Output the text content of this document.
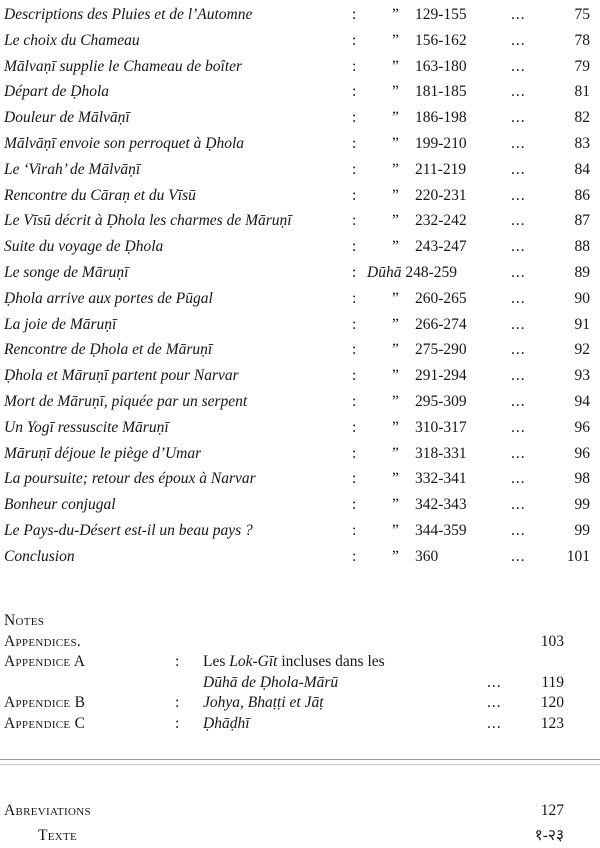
Descriptions des Pluies et de l’Automne	: ” 129-155	...	75
Le choix du Chameau	: ” 156-162	...	78
Mālvaṇī supplie le Chameau de boîter	: ” 163-180	...	79
Départ de Ḍhola	: ” 181-185	...	81
Douleur de Mālvāṇī	: ” 186-198	...	82
Mālvāṇī envoie son perroquet à Ḍhola	: ” 199-210	...	83
Le ‘Virah’ de Mālvāṇī	: ” 211-219	...	84
Rencontre du Cāraṇ et du Vīsū	: ” 220-231	...	86
Le Vīsū décrit à Ḍhola les charmes de Māruṇī	: ” 232-242	...	87
Suite du voyage de Ḍhola	: ” 243-247	...	88
Le songe de Māruṇī	: Dūhā 248-259	...	89
Ḍhola arrive aux portes de Pūgal	: ” 260-265	...	90
La joie de Māruṇī	: ” 266-274	...	91
Rencontre de Ḍhola et de Māruṇī	: ” 275-290	...	92
Ḍhola et Māruṇī partent pour Narvar	: ” 291-294	...	93
Mort de Māruṇī, piquée par un serpent	: ” 295-309	...	94
Un Yogī ressuscite Māruṇī	: ” 310-317	...	96
Māruṇī déjoue le piège d’Umar	: ” 318-331	...	96
La poursuite; retour des époux à Narvar	: ” 332-341	...	98
Bonheur conjugal	: ” 342-343	...	99
Le Pays-du-Désert est-il un beau pays ?	: ” 344-359	...	99
Conclusion	: ” 360	...	101
Notes
Appendices.	103
Appendice A	: Les Lok-Gīt incluses dans les
Dūhā de Ḍhola-Mārū	...	119
Appendice B	: Johya, Bhaṭṭi et Jāṭ	...	120
Appendice C	: Ḍhāḍhī	...	123
Abreviations	127
Texte	१-२३
